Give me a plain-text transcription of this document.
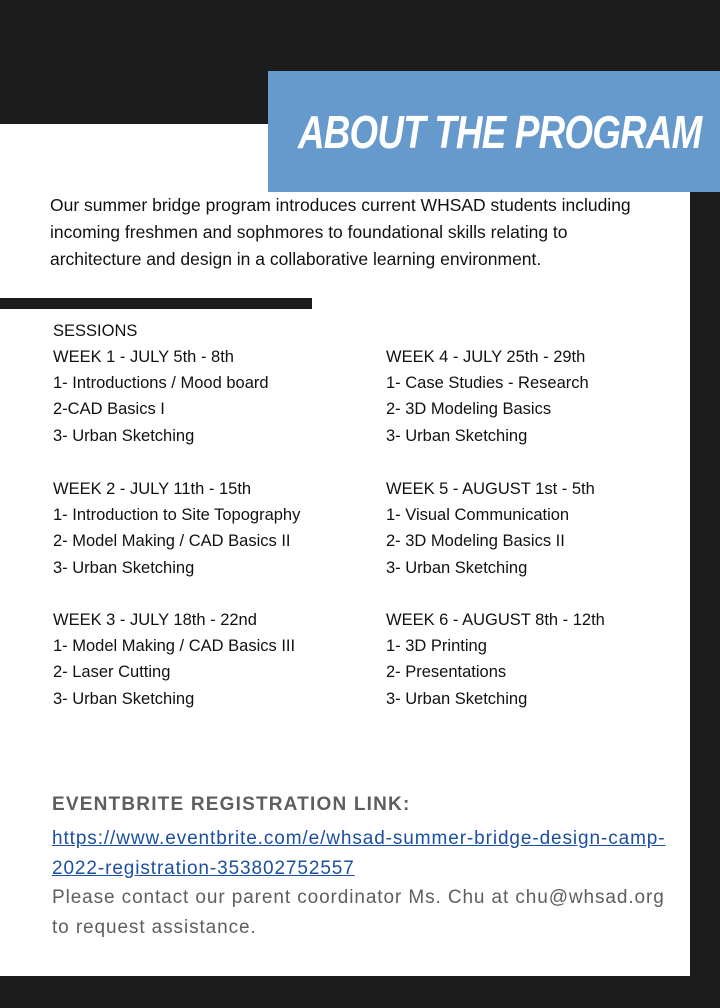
ABOUT THE PROGRAM
Our summer bridge program introduces current WHSAD students including incoming freshmen and sophmores to foundational skills relating to architecture and design in a collaborative learning environment.
SESSIONS
WEEK 1 - JULY 5th - 8th
1- Introductions / Mood board
2-CAD Basics I
3- Urban Sketching
WEEK 2 - JULY 11th - 15th
1- Introduction to Site Topography
2- Model Making / CAD Basics II
3- Urban Sketching
WEEK 3 - JULY 18th - 22nd
1- Model Making / CAD Basics III
2- Laser Cutting
3- Urban Sketching
WEEK 4 - JULY 25th - 29th
1- Case Studies - Research
2- 3D Modeling Basics
3- Urban Sketching
WEEK 5 - AUGUST 1st - 5th
1- Visual Communication
2- 3D Modeling Basics II
3- Urban Sketching
WEEK 6 - AUGUST 8th - 12th
1- 3D Printing
2- Presentations
3- Urban Sketching
EVENTBRITE REGISTRATION LINK:
https://www.eventbrite.com/e/whsad-summer-bridge-design-camp-2022-registration-353802752557
Please contact our parent coordinator Ms. Chu at chu@whsad.org to request assistance.
